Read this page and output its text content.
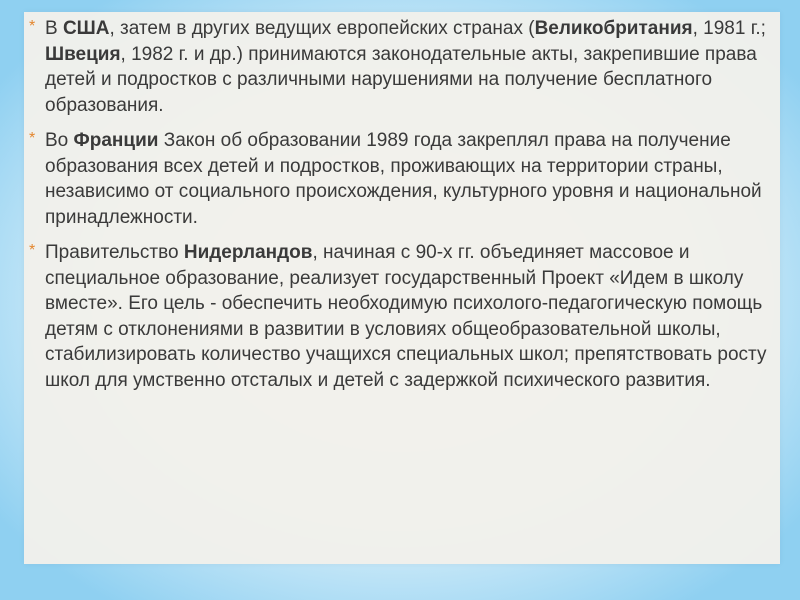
* В США, затем в других ведущих европейских странах (Великобритания, 1981 г.; Швеция, 1982 г. и др.) принимаются законодательные акты, закрепившие права детей и подростков с различными нарушениями на получение бесплатного образования.
* Во Франции Закон об образовании 1989 года закреплял права на получение образования всех детей и подростков, проживающих на территории страны, независимо от социального происхождения, культурного уровня и национальной принадлежности.
* Правительство Нидерландов, начиная с 90-х гг. объединяет массовое и специальное образование, реализует государственный Проект «Идем в школу вместе». Его цель - обеспечить необходимую психолого-педагогическую помощь детям с отклонениями в развитии в условиях общеобразовательной школы, стабилизировать количество учащихся специальных школ; препятствовать росту школ для умственно отсталых и детей с задержкой психического развития.
